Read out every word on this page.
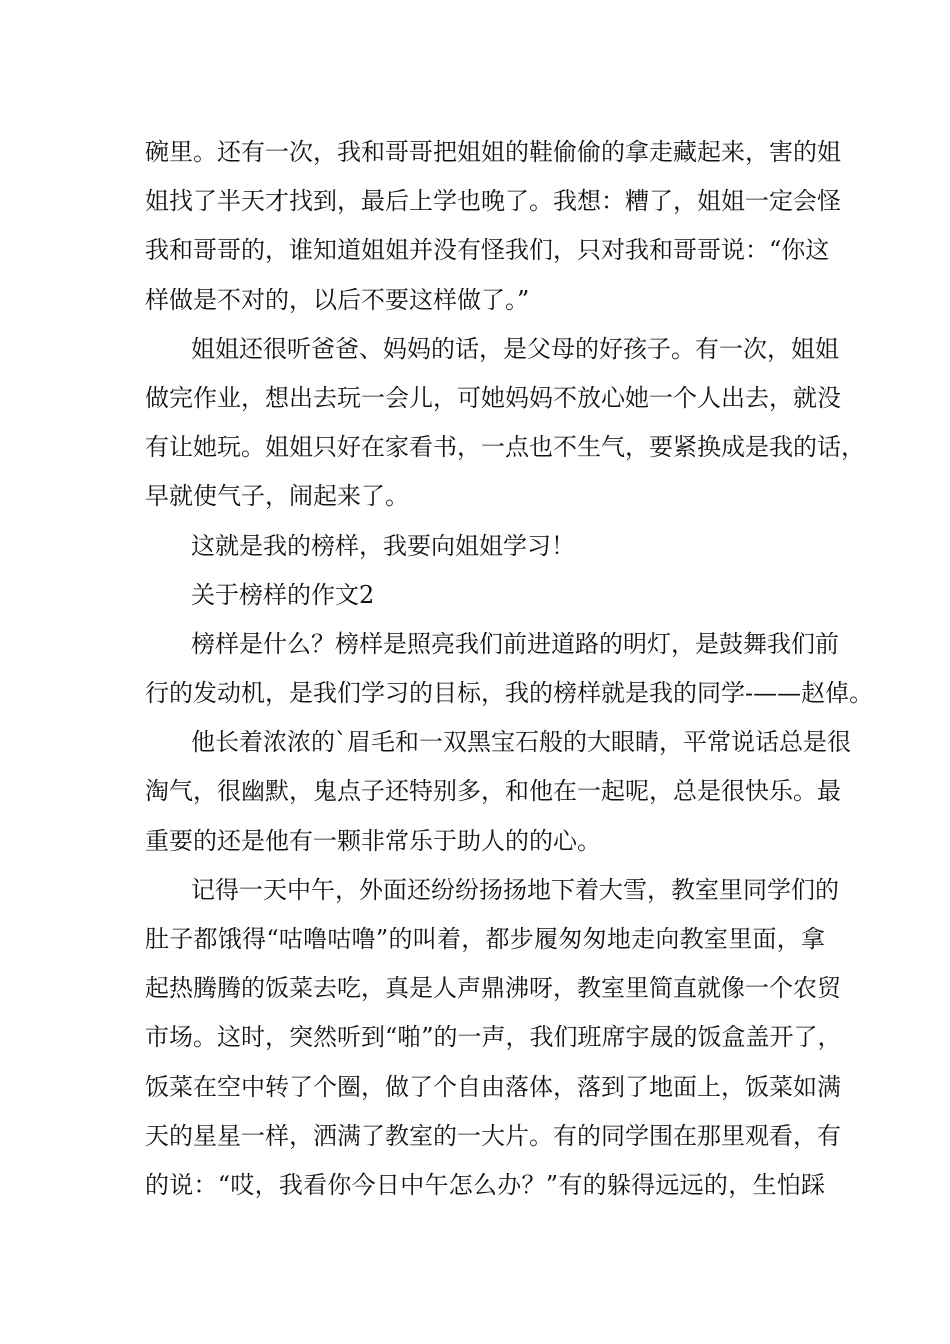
碗里。还有一次，我和哥哥把姐姐的鞋偷偷的拿走藏起来，害的姐
姐找了半天才找到，最后上学也晚了。我想：糟了，姐姐一定会怪
我和哥哥的，谁知道姐姐并没有怪我们，只对我和哥哥说：“你这
样做是不对的，以后不要这样做了。”
姐姐还很听爸爸、妈妈的话，是父母的好孩子。有一次，姐姐
做完作业，想出去玩一会儿，可她妈妈不放心她一个人出去，就没
有让她玩。姐姐只好在家看书，一点也不生气，要紧换成是我的话，
早就使气子，闹起来了。
这就是我的榜样，我要向姐姐学习！
关于榜样的作文2
榜样是什么？榜样是照亮我们前进道路的明灯，是鼓舞我们前
行的发动机，是我们学习的目标，我的榜样就是我的同学-——赵倬。
他长着浓浓的`眉毛和一双黑宝石般的大眼睛，平常说话总是很
淘气，很幽默，鬼点子还特别多，和他在一起呢，总是很快乐。最
重要的还是他有一颗非常乐于助人的的心。
记得一天中午，外面还纷纷扬扬地下着大雪，教室里同学们的
肚子都饿得“咕噜咕噜”的叫着，都步履匆匆地走向教室里面，拿
起热腾腾的饭菜去吃，真是人声鼎沸呀，教室里简直就像一个农贸
市场。这时，突然听到“啪”的一声，我们班席宇晟的饭盒盖开了，
饭菜在空中转了个圈，做了个自由落体，落到了地面上，饭菜如满
天的星星一样，洒满了教室的一大片。有的同学围在那里观看，有
的说：“哎，我看你今日中午怎么办？”有的躲得远远的，生怕踩
